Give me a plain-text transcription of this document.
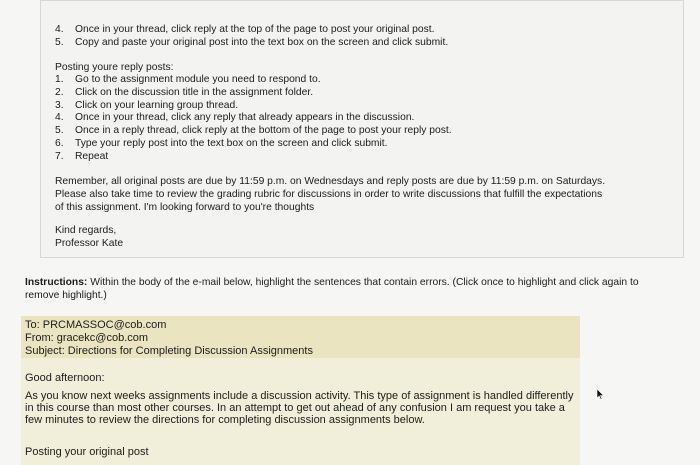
4.	Once in your thread, click reply at the top of the page to post your original post.
5.	Copy and paste your original post into the text box on the screen and click submit.
Posting youre reply posts:
1.	Go to the assignment module you need to respond to.
2.	Click on the discussion title in the assignment folder.
3.	Click on your learning group thread.
4.	Once in your thread, click any reply that already appears in the discussion.
5.	Once in a reply thread, click reply at the bottom of the page to post your reply post.
6.	Type your reply post into the text box on the screen and click submit.
7.	Repeat
Remember, all original posts are due by 11:59 p.m. on Wednesdays and reply posts are due by 11:59 p.m. on Saturdays.
Please also take time to review the grading rubric for discussions in order to write discussions that fulfill the expectations
of this assignment. I'm looking forward to you're thoughts
Kind regards,
Professor Kate
Instructions: Within the body of the e-mail below, highlight the sentences that contain errors. (Click once to highlight and click again to
remove highlight.)
To: PRCMASSOC@cob.com
From: gracekc@cob.com
Subject: Directions for Completing Discussion Assignments
Good afternoon:
As you know next weeks assignments include a discussion activity. This type of assignment is handled differently
in this course than most other courses. In an attempt to get out ahead of any confusion I am request you take a
few minutes to review the directions for completing discussion assignments below.
Posting your original post
